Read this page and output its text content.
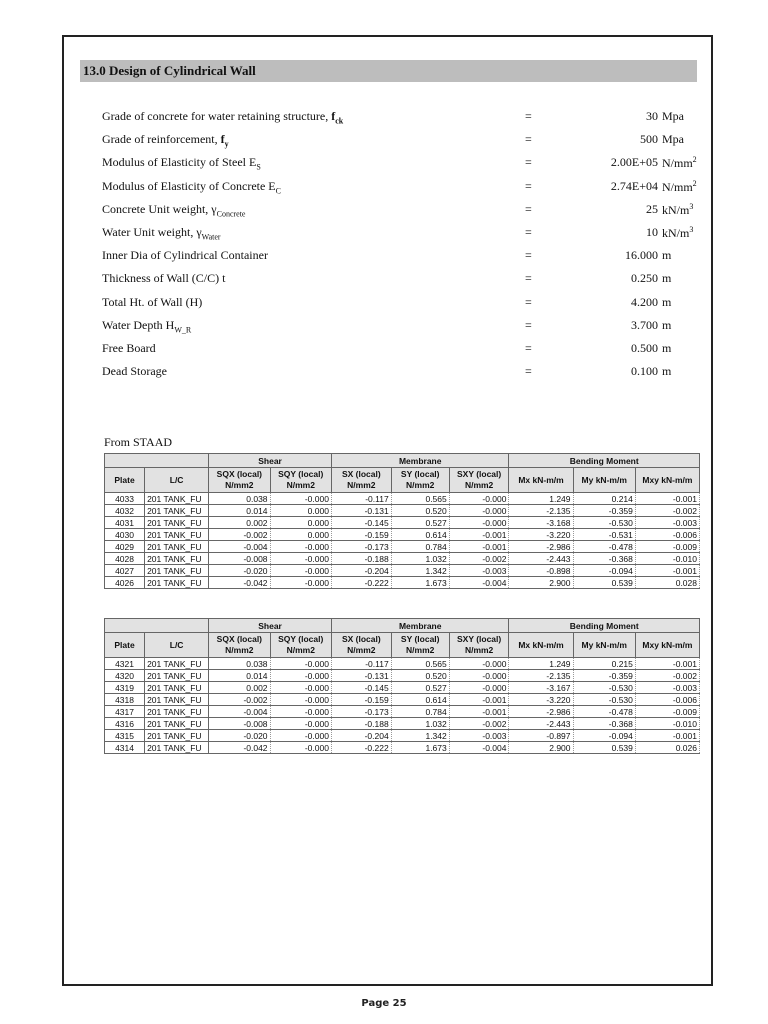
13.0 Design of Cylindrical Wall
Grade of concrete for water retaining structure, $f_{ck}$	=	30 Mpa
Grade of reinforcement, $f_y$	=	500 Mpa
Modulus of Elasticity of Steel $E_S$	=	2.00E+05 $N/mm^2$
Modulus of Elasticity of Concrete $E_C$	=	2.74E+04 $N/mm^2$
Concrete Unit weight, $\gamma_{Concrete}$	=	25 $kN/m^3$
Water Unit weight, $\gamma_{Water}$	=	10 $kN/m^3$
Inner Dia of Cylindrical Container	=	16.000 m
Thickness of Wall (C/C) t	=	0.250 m
Total Ht. of Wall (H)	=	4.200 m
Water Depth $H_{W\_R}$	=	3.700 m
Free Board	=	0.500 m
Dead Storage	=	0.100 m
From STAAD
		Shear		Membrane			Bending Moment		
Plate	L/C	SQX (local) N/mm2	SQY (local) N/mm2	SX (local) N/mm2	SY (local) N/mm2	SXY (local) N/mm2	Mx kN-m/m	My kN-m/m	Mxy kN-m/m
4033	201 TANK_FU	0.038	-0.000	-0.117	0.565	-0.000	1.249	0.214	-0.001
4032	201 TANK_FU	0.014	0.000	-0.131	0.520	-0.000	-2.135	-0.359	-0.002
4031	201 TANK_FU	0.002	0.000	-0.145	0.527	-0.000	-3.168	-0.530	-0.003
4030	201 TANK_FU	-0.002	0.000	-0.159	0.614	-0.001	-3.220	-0.531	-0.006
4029	201 TANK_FU	-0.004	-0.000	-0.173	0.784	-0.001	-2.986	-0.478	-0.009
4028	201 TANK_FU	-0.008	-0.000	-0.188	1.032	-0.002	-2.443	-0.368	-0.010
4027	201 TANK_FU	-0.020	-0.000	-0.204	1.342	-0.003	-0.898	-0.094	-0.001
4026	201 TANK_FU	-0.042	-0.000	-0.222	1.673	-0.004	2.900	0.539	0.028
		Shear		Membrane			Bending Moment		
Plate	L/C	SQX (local) N/mm2	SQY (local) N/mm2	SX (local) N/mm2	SY (local) N/mm2	SXY (local) N/mm2	Mx kN-m/m	My kN-m/m	Mxy kN-m/m
4321	201 TANK_FU	0.038	-0.000	-0.117	0.565	-0.000	1.249	0.215	-0.001
4320	201 TANK_FU	0.014	-0.000	-0.131	0.520	-0.000	-2.135	-0.359	-0.002
4319	201 TANK_FU	0.002	-0.000	-0.145	0.527	-0.000	-3.167	-0.530	-0.003
4318	201 TANK_FU	-0.002	-0.000	-0.159	0.614	-0.001	-3.220	-0.530	-0.006
4317	201 TANK_FU	-0.004	-0.000	-0.173	0.784	-0.001	-2.986	-0.478	-0.009
4316	201 TANK_FU	-0.008	-0.000	-0.188	1.032	-0.002	-2.443	-0.368	-0.010
4315	201 TANK_FU	-0.020	-0.000	-0.204	1.342	-0.003	-0.897	-0.094	-0.001
4314	201 TANK_FU	-0.042	-0.000	-0.222	1.673	-0.004	2.900	0.539	0.026
Page 25
